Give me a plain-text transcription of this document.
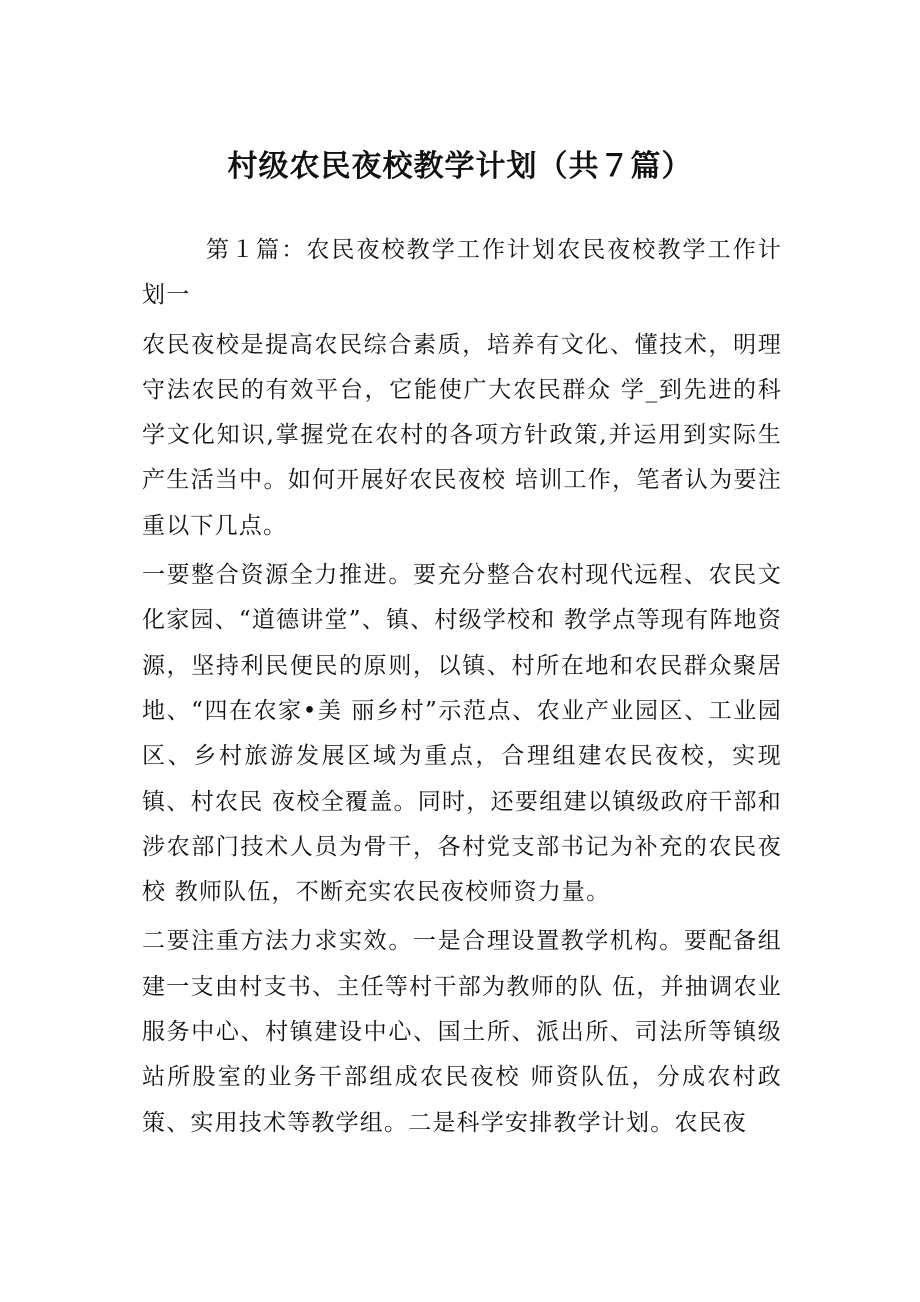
村级农民夜校教学计划（共７篇）

第１篇：农民夜校教学工作计划农民夜校教学工作计划一

农民夜校是提高农民综合素质，培养有文化、懂技术，明理守法农民的有效平台，它能使广大农民群众 学_到先进的科学文化知识,掌握党在农村的各项方针政策,并运用到实际生产生活当中。如何开展好农民夜校 培训工作，笔者认为要注重以下几点。

一要整合资源全力推进。要充分整合农村现代远程、农民文化家园、“道德讲堂”、镇、村级学校和 教学点等现有阵地资源，坚持利民便民的原则，以镇、村所在地和农民群众聚居地、“四在农家•美 丽乡村”示范点、农业产业园区、工业园区、乡村旅游发展区域为重点，合理组建农民夜校，实现镇、村农民 夜校全覆盖。同时，还要组建以镇级政府干部和涉农部门技术人员为骨干，各村党支部书记为补充的农民夜校 教师队伍，不断充实农民夜校师资力量。

二要注重方法力求实效。一是合理设置教学机构。要配备组建一支由村支书、主任等村干部为教师的队 伍，并抽调农业服务中心、村镇建设中心、国土所、派出所、司法所等镇级站所股室的业务干部组成农民夜校 师资队伍，分成农村政策、实用技术等教学组。二是科学安排教学计划。农民夜
